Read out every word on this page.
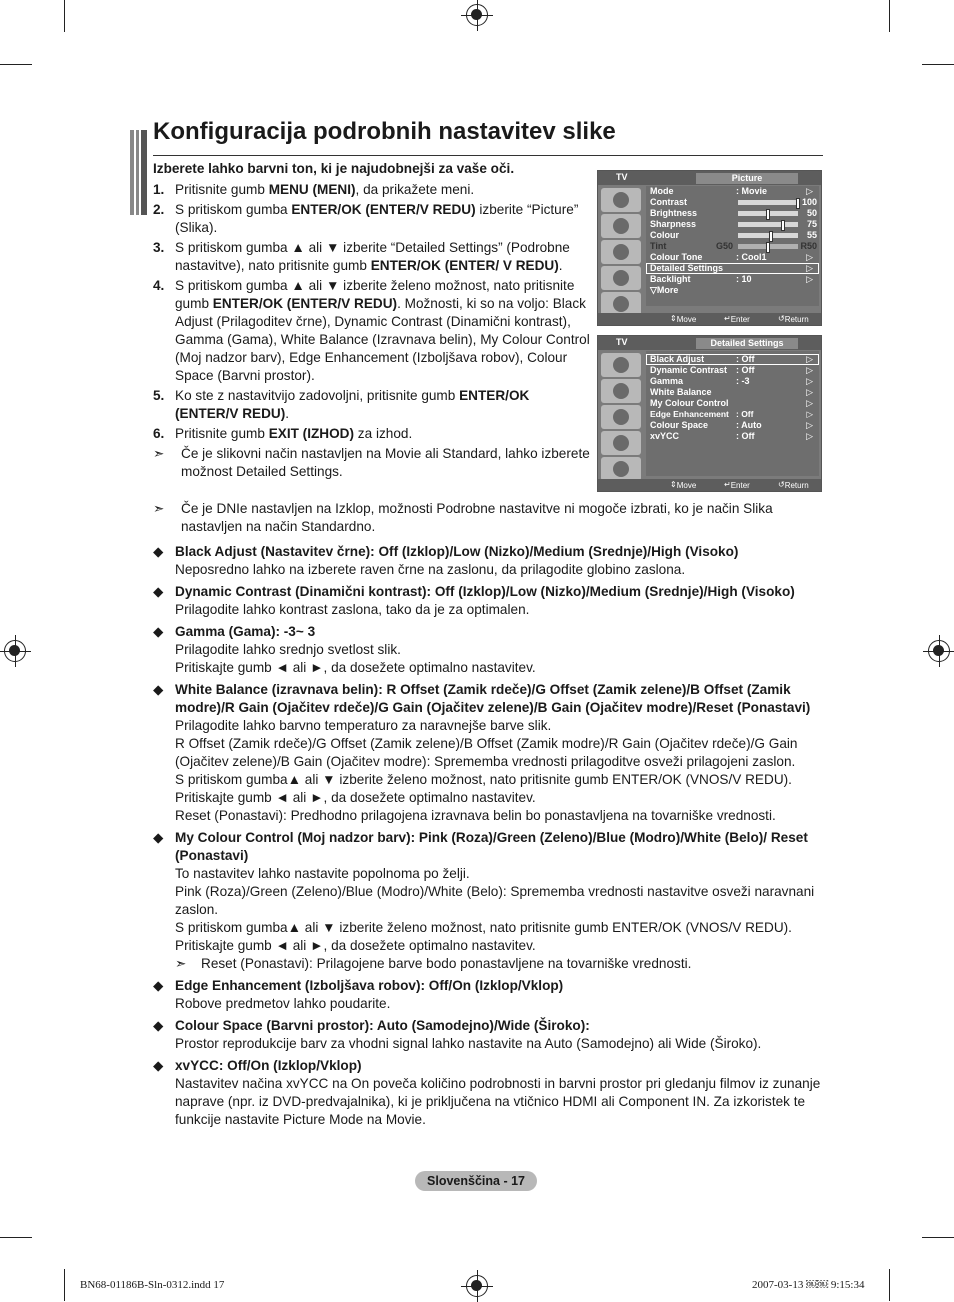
Konfiguracija podrobnih nastavitev slike
Izberete lahko barvni ton, ki je najudobnejši za vaše oči.
1. Pritisnite gumb MENU (MENI), da prikažete meni.
2. S pritiskom gumba ENTER/OK (ENTER/V REDU) izberite “Picture” (Slika).
3. S pritiskom gumba ▲ ali ▼ izberite “Detailed Settings” (Podrobne nastavitve), nato pritisnite gumb ENTER/OK (ENTER/ V REDU).
4. S pritiskom gumba ▲ ali ▼ izberite želeno možnost, nato pritisnite gumb ENTER/OK (ENTER/V REDU). Možnosti, ki so na voljo: Black Adjust (Prilagoditev črne), Dynamic Contrast (Dinamični kontrast), Gamma (Gama), White Balance (Izravnava belin), My Colour Control (Moj nadzor barv), Edge Enhancement (Izboljšava robov), Colour Space (Barvni prostor).
5. Ko ste z nastavitvijo zadovoljni, pritisnite gumb ENTER/OK (ENTER/V REDU).
6. Pritisnite gumb EXIT (IZHOD) za izhod.
➣ Če je slikovni način nastavljen na Movie ali Standard, lahko izberete možnost Detailed Settings.
➣ Če je DNIe nastavljen na Izklop, možnosti Podrobne nastavitve ni mogoče izbrati, ko je način Slika nastavljen na način Standardno.
TV	Picture
Mode	: Movie	▷
Contrast	100
Brightness	50
Sharpness	75
Colour	55
Tint	G50	R50
Colour Tone	: Cool1	▷
Detailed Settings	▷
Backlight	: 10	▷
▽More
⇕ Move	↵ Enter	↺ Return
TV	Detailed Settings
Black Adjust	: Off	▷
Dynamic Contrast : Off	▷
Gamma	: -3	▷
White Balance	▷
My Colour Control	▷
Edge Enhancement : Off	▷
Colour Space	: Auto	▷
xvYCC	: Off	▷
⇕ Move	↵ Enter	↺ Return
◆ Black Adjust (Nastavitev črne): Off (Izklop)/Low (Nizko)/Medium (Srednje)/High (Visoko)
Neposredno lahko na izberete raven črne na zaslonu, da prilagodite globino zaslona.
◆ Dynamic Contrast (Dinamični kontrast): Off (Izklop)/Low (Nizko)/Medium (Srednje)/High (Visoko)
Prilagodite lahko kontrast zaslona, tako da je za optimalen.
◆ Gamma (Gama): -3~ 3
Prilagodite lahko srednjo svetlost slik.
Pritiskajte gumb ◄ ali ►, da dosežete optimalno nastavitev.
◆ White Balance (izravnava belin): R Offset (Zamik rdeče)/G Offset (Zamik zelene)/B Offset (Zamik modre)/R Gain (Ojačitev rdeče)/G Gain (Ojačitev zelene)/B Gain (Ojačitev modre)/Reset (Ponastavi)
Prilagodite lahko barvno temperaturo za naravnejše barve slik.
R Offset (Zamik rdeče)/G Offset (Zamik zelene)/B Offset (Zamik modre)/R Gain (Ojačitev rdeče)/G Gain (Ojačitev zelene)/B Gain (Ojačitev modre): Sprememba vrednosti prilagoditve osveži prilagojeni zaslon.
S pritiskom gumba▲ ali ▼ izberite želeno možnost, nato pritisnite gumb ENTER/OK (VNOS/V REDU).
Pritiskajte gumb ◄ ali ►, da dosežete optimalno nastavitev.
Reset (Ponastavi): Predhodno prilagojena izravnava belin bo ponastavljena na tovarniške vrednosti.
◆ My Colour Control (Moj nadzor barv): Pink (Roza)/Green (Zeleno)/Blue (Modro)/White (Belo)/ Reset (Ponastavi)
To nastavitev lahko nastavite popolnoma po želji.
Pink (Roza)/Green (Zeleno)/Blue (Modro)/White (Belo): Sprememba vrednosti nastavitve osveži naravnani zaslon.
S pritiskom gumba▲ ali ▼ izberite želeno možnost, nato pritisnite gumb ENTER/OK (VNOS/V REDU).
Pritiskajte gumb ◄ ali ►, da dosežete optimalno nastavitev.
➣ Reset (Ponastavi): Prilagojene barve bodo ponastavljene na tovarniške vrednosti.
◆ Edge Enhancement (Izboljšava robov): Off/On (Izklop/Vklop)
Robove predmetov lahko poudarite.
◆ Colour Space (Barvni prostor): Auto (Samodejno)/Wide (Široko):
Prostor reprodukcije barv za vhodni signal lahko nastavite na Auto (Samodejno) ali Wide (Široko).
◆ xvYCC: Off/On (Izklop/Vklop)
Nastavitev načina xvYCC na On poveča količino podrobnosti in barvni prostor pri gledanju filmov iz zunanje naprave (npr. iz DVD-predvajalnika), ki je priključena na vtičnico HDMI ali Component IN. Za izkoristek te funkcije nastavite Picture Mode na Movie.
Slovenščina - 17
BN68-01186B-Sln-0312.indd 17	2007-03-13 ￼￼ 9:15:34
